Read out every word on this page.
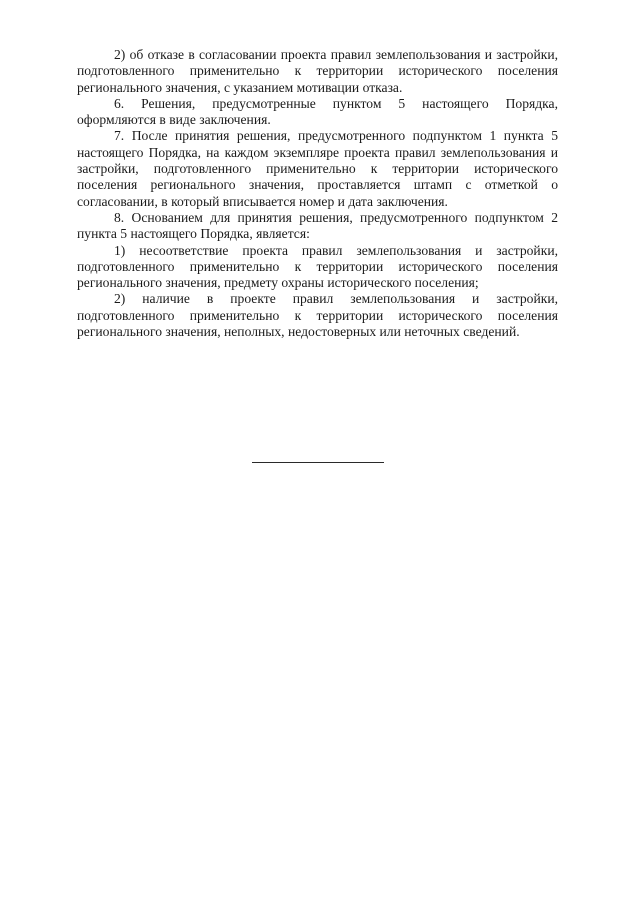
2) об отказе в согласовании проекта правил землепользования и застройки, подготовленного применительно к территории исторического поселения регионального значения, с указанием мотивации отказа.

6. Решения, предусмотренные пунктом 5 настоящего Порядка, оформляются в виде заключения.

7. После принятия решения, предусмотренного подпунктом 1 пункта 5 настоящего Порядка, на каждом экземпляре проекта правил землепользования и застройки, подготовленного применительно к территории исторического поселения регионального значения, проставляется штамп с отметкой о согласовании, в который вписывается номер и дата заключения.

8. Основанием для принятия решения, предусмотренного подпунктом 2 пункта 5 настоящего Порядка, является:

1) несоответствие проекта правил землепользования и застройки, подготовленного применительно к территории исторического поселения регионального значения, предмету охраны исторического поселения;

2) наличие в проекте правил землепользования и застройки, подготовленного применительно к территории исторического поселения регионального значения, неполных, недостоверных или неточных сведений.
